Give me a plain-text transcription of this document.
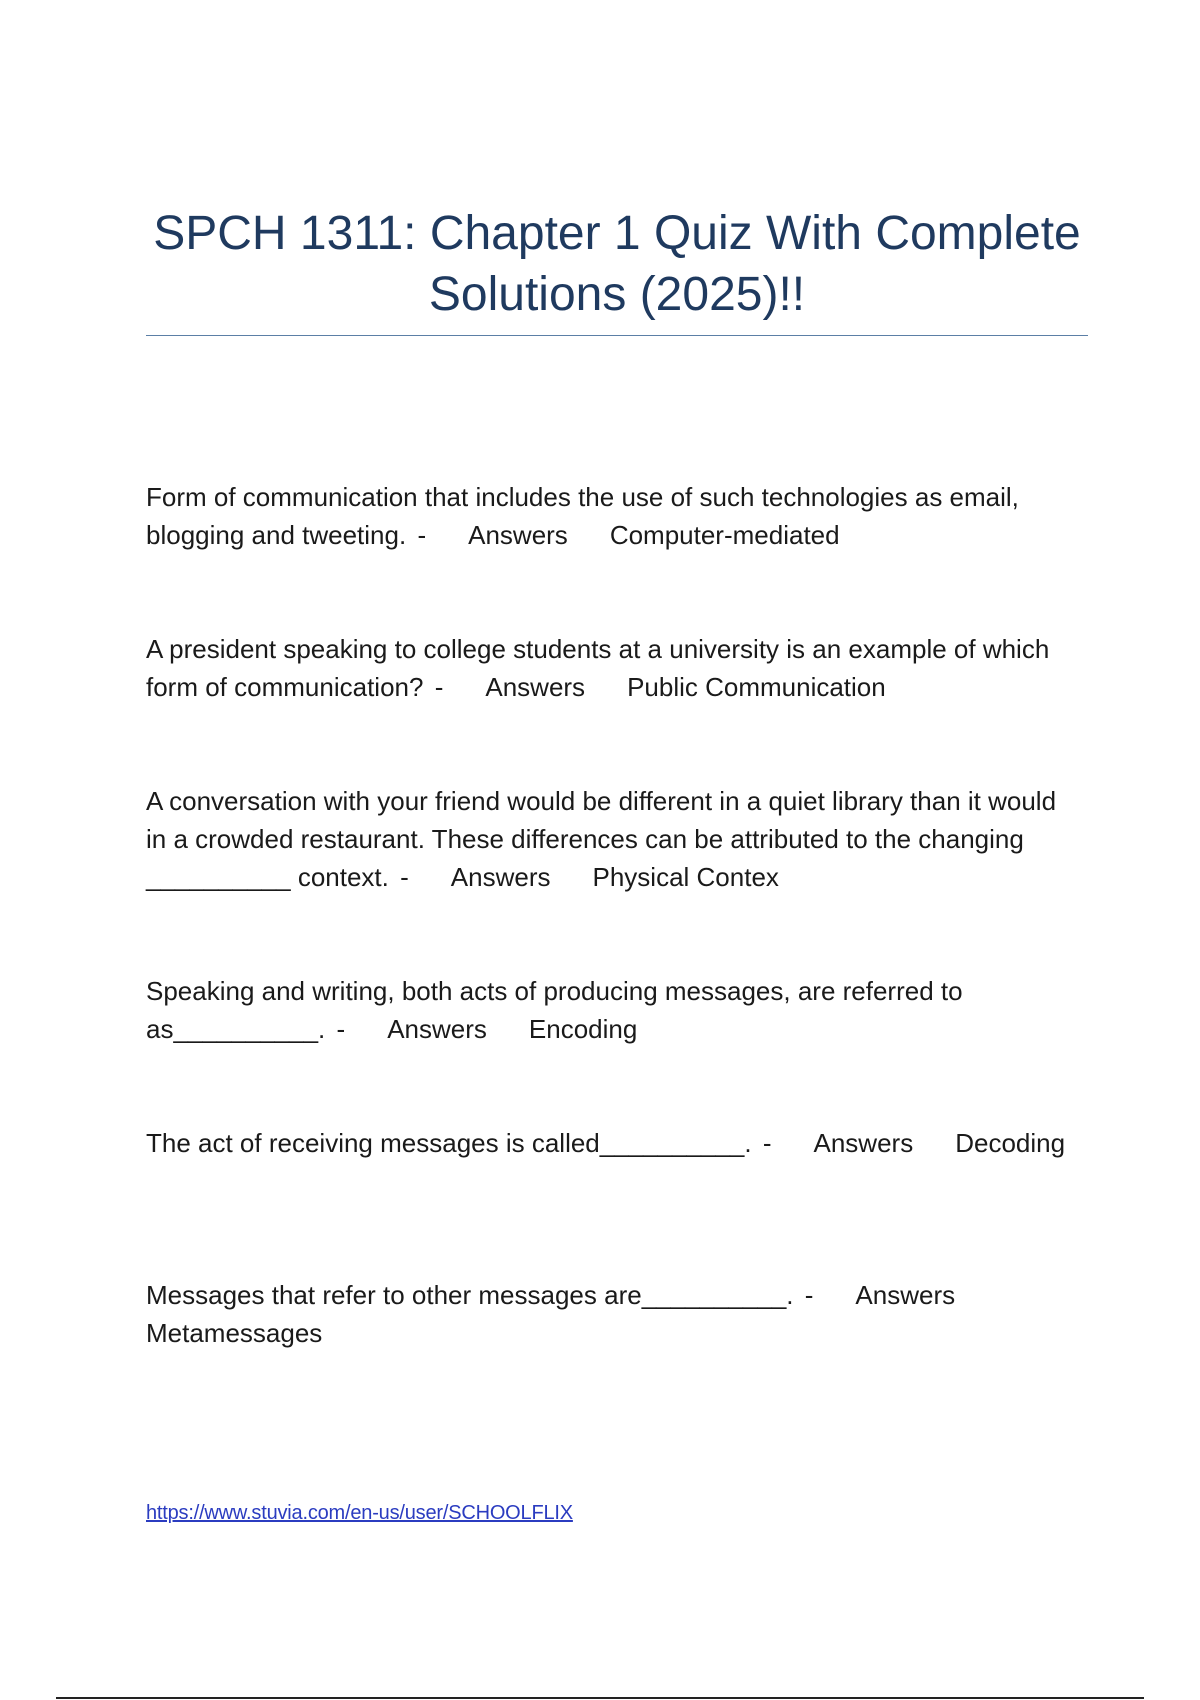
SPCH 1311: Chapter 1 Quiz With Complete Solutions (2025)!!

Form of communication that includes the use of such technologies as email, blogging and tweeting. - Answers Computer-mediated

A president speaking to college students at a university is an example of which form of communication? - Answers Public Communication

A conversation with your friend would be different in a quiet library than it would in a crowded restaurant. These differences can be attributed to the changing __________ context. - Answers Physical Contex

Speaking and writing, both acts of producing messages, are referred to as__________. - Answers Encoding

The act of receiving messages is called__________. - Answers Decoding

Messages that refer to other messages are__________. - AnswersMetamessages

https://www.stuvia.com/en-us/user/SCHOOLFLIX
